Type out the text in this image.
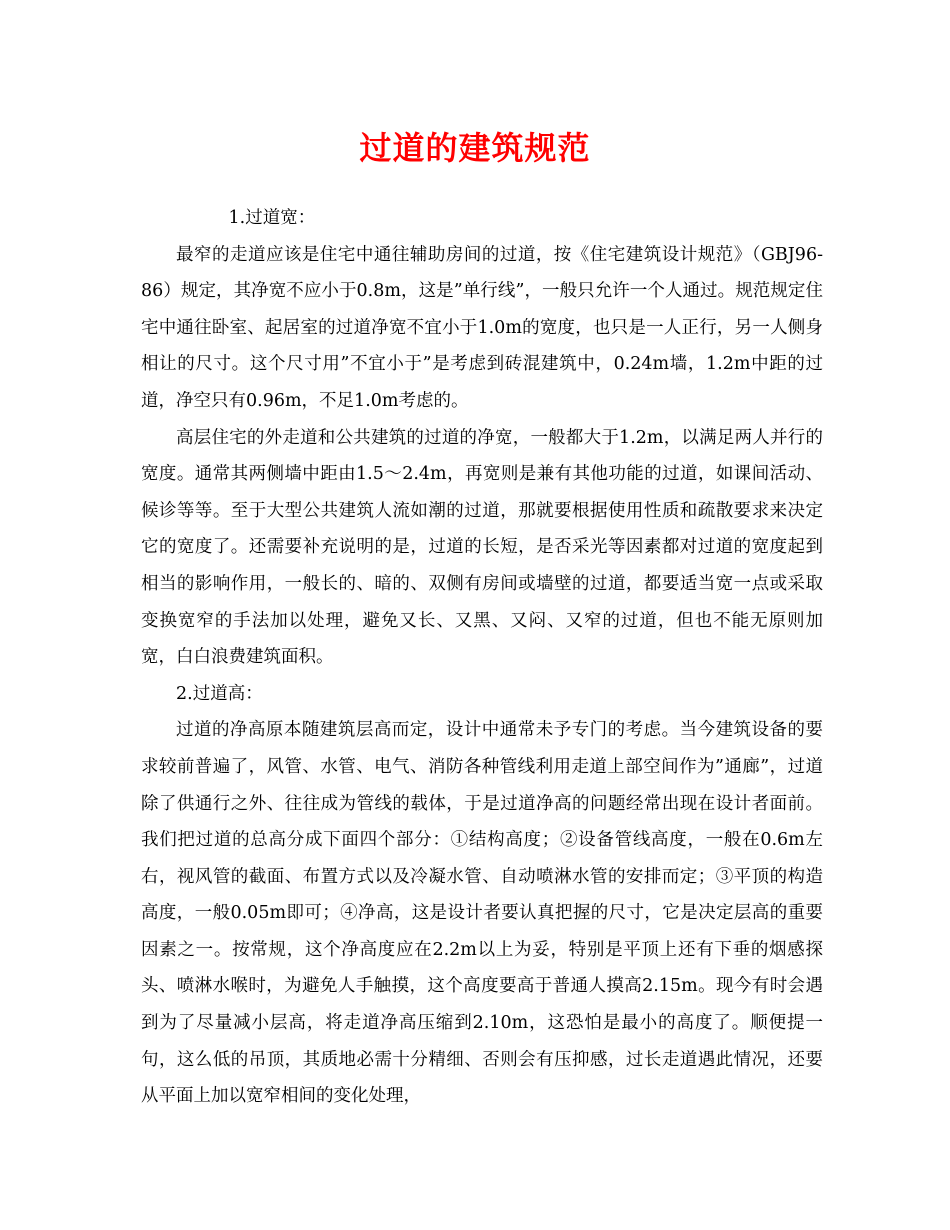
过道的建筑规范

1.过道宽：

最窄的走道应该是住宅中通往辅助房间的过道，按《住宅建筑设计规范》（GBJ96-86）规定，其净宽不应小于0.8m，这是”单行线”，一般只允许一个人通过。规范规定住宅中通往卧室、起居室的过道净宽不宜小于1.0m的宽度，也只是一人正行，另一人侧身相让的尺寸。这个尺寸用”不宜小于”是考虑到砖混建筑中，0.24m墙，1.2m中距的过道，净空只有0.96m，不足1.0m考虑的。

高层住宅的外走道和公共建筑的过道的净宽，一般都大于1.2m，以满足两人并行的宽度。通常其两侧墙中距由1.5～2.4m，再宽则是兼有其他功能的过道，如课间活动、候诊等等。至于大型公共建筑人流如潮的过道，那就要根据使用性质和疏散要求来决定它的宽度了。还需要补充说明的是，过道的长短，是否采光等因素都对过道的宽度起到相当的影响作用，一般长的、暗的、双侧有房间或墙壁的过道，都要适当宽一点或采取变换宽窄的手法加以处理，避免又长、又黑、又闷、又窄的过道，但也不能无原则加宽，白白浪费建筑面积。

2.过道高：

过道的净高原本随建筑层高而定，设计中通常未予专门的考虑。当今建筑设备的要求较前普遍了，风管、水管、电气、消防各种管线利用走道上部空间作为”通廊”，过道除了供通行之外、往往成为管线的载体，于是过道净高的问题经常出现在设计者面前。我们把过道的总高分成下面四个部分：①结构高度；②设备管线高度，一般在0.6m左右，视风管的截面、布置方式以及冷凝水管、自动喷淋水管的安排而定；③平顶的构造高度，一般0.05m即可；④净高，这是设计者要认真把握的尺寸，它是决定层高的重要因素之一。按常规，这个净高度应在2.2m以上为妥，特别是平顶上还有下垂的烟感探头、喷淋水喉时，为避免人手触摸，这个高度要高于普通人摸高2.15m。现今有时会遇到为了尽量减小层高，将走道净高压缩到2.10m，这恐怕是最小的高度了。顺便提一句，这么低的吊顶，其质地必需十分精细、否则会有压抑感，过长走道遇此情况，还要从平面上加以宽窄相间的变化处理，
